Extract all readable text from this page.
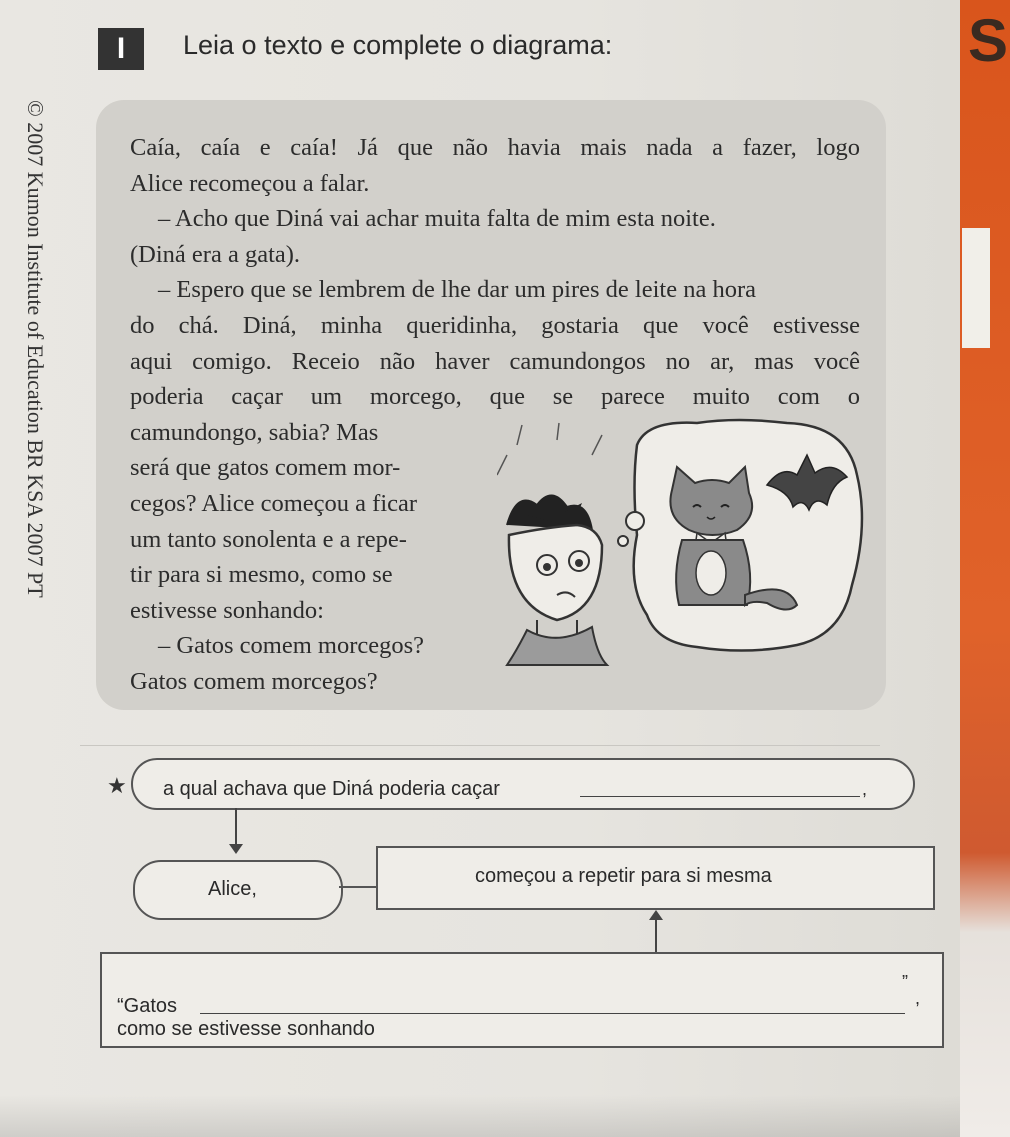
S
© 2007 Kumon Institute of Education BR KSA 2007 PT
I	Leia o texto e complete o diagrama:
Caía, caía e caía! Já que não havia mais nada a fazer, logo
Alice recomeçou a falar.
– Acho que Diná vai achar muita falta de mim esta noite.
(Diná era a gata).
– Espero que se lembrem de lhe dar um pires de leite na hora
do chá. Diná, minha queridinha, gostaria que você estivesse
aqui comigo. Receio não haver camundongos no ar, mas você
poderia caçar um morcego, que se parece muito com o
camundongo, sabia? Mas
será que gatos comem mor-
cegos? Alice começou a ficar
um tanto sonolenta e a repe-
tir para si mesmo, como se
estivesse sonhando:
– Gatos comem morcegos?
Gatos comem morcegos?
★ a qual achava que Diná poderia caçar	,
Alice,
começou a repetir para si mesma
“Gatos
”
,
como se estivesse sonhando
